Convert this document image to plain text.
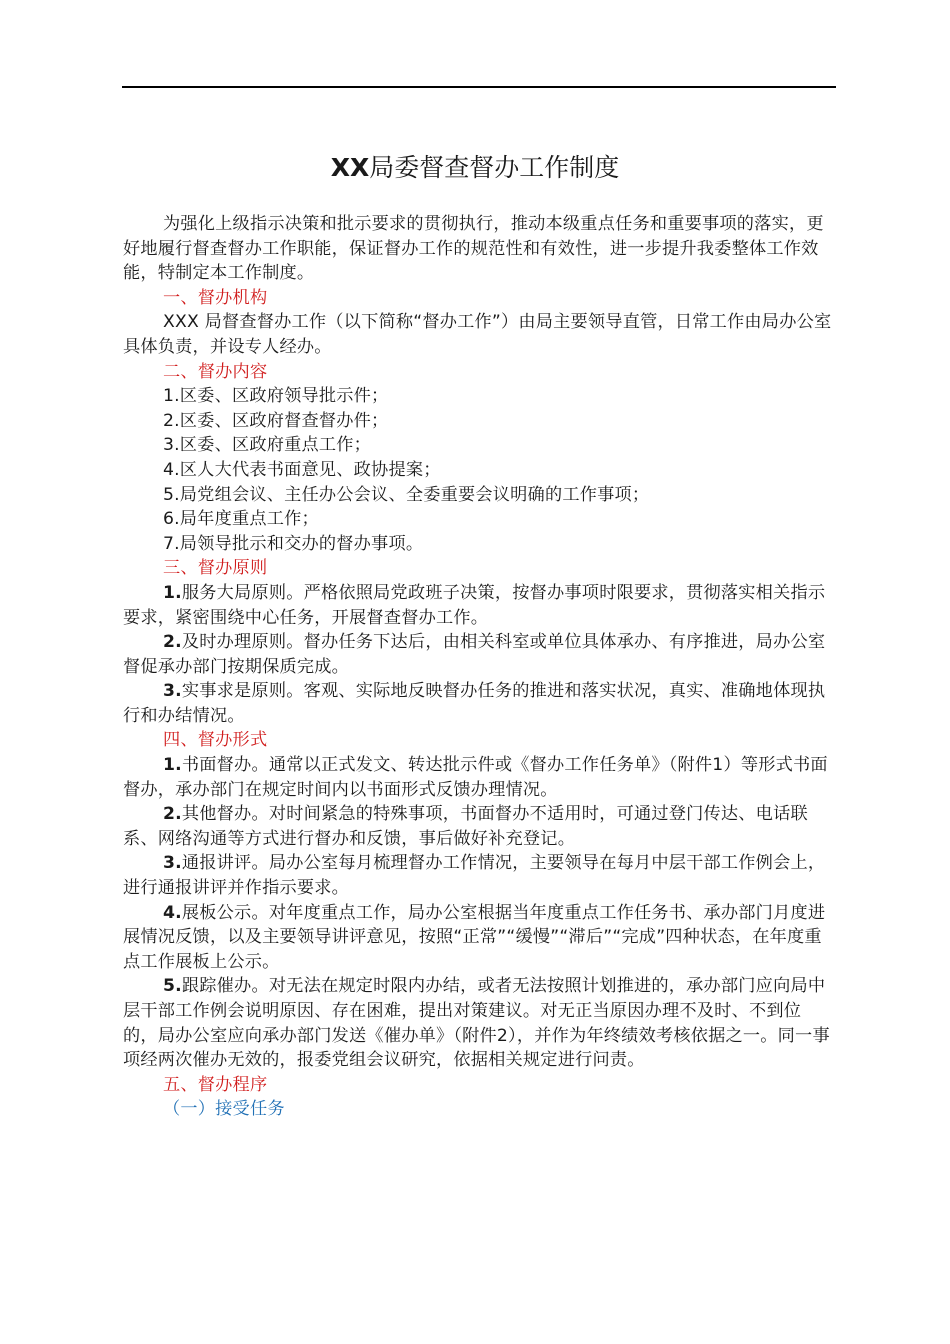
XX局委督查督办工作制度

为强化上级指示决策和批示要求的贯彻执行，推动本级重点任务和重要事项的落实，更好地履行督查督办工作职能，保证督办工作的规范性和有效性，进一步提升我委整体工作效能，特制定本工作制度。

一、督办机构

XXX 局督查督办工作（以下简称“督办工作”）由局主要领导直管，日常工作由局办公室具体负责，并设专人经办。

二、督办内容

1.区委、区政府领导批示件；

2.区委、区政府督查督办件；

3.区委、区政府重点工作；

4.区人大代表书面意见、政协提案；

5.局党组会议、主任办公会议、全委重要会议明确的工作事项；

6.局年度重点工作；

7.局领导批示和交办的督办事项。

三、督办原则

1.服务大局原则。严格依照局党政班子决策，按督办事项时限要求，贯彻落实相关指示要求，紧密围绕中心任务，开展督查督办工作。

2.及时办理原则。督办任务下达后，由相关科室或单位具体承办、有序推进，局办公室督促承办部门按期保质完成。

3.实事求是原则。客观、实际地反映督办任务的推进和落实状况，真实、准确地体现执行和办结情况。

四、督办形式

1.书面督办。通常以正式发文、转达批示件或《督办工作任务单》（附件1）等形式书面督办，承办部门在规定时间内以书面形式反馈办理情况。

2.其他督办。对时间紧急的特殊事项，书面督办不适用时，可通过登门传达、电话联系、网络沟通等方式进行督办和反馈，事后做好补充登记。

3.通报讲评。局办公室每月梳理督办工作情况，主要领导在每月中层干部工作例会上，进行通报讲评并作指示要求。

4.展板公示。对年度重点工作，局办公室根据当年度重点工作任务书、承办部门月度进展情况反馈，以及主要领导讲评意见，按照“正常”“缓慢”“滞后”“完成”四种状态，在年度重点工作展板上公示。

5.跟踪催办。对无法在规定时限内办结，或者无法按照计划推进的，承办部门应向局中层干部工作例会说明原因、存在困难，提出对策建议。对无正当原因办理不及时、不到位的，局办公室应向承办部门发送《催办单》（附件2），并作为年终绩效考核依据之一。同一事项经两次催办无效的，报委党组会议研究，依据相关规定进行问责。

五、督办程序

（一）接受任务
